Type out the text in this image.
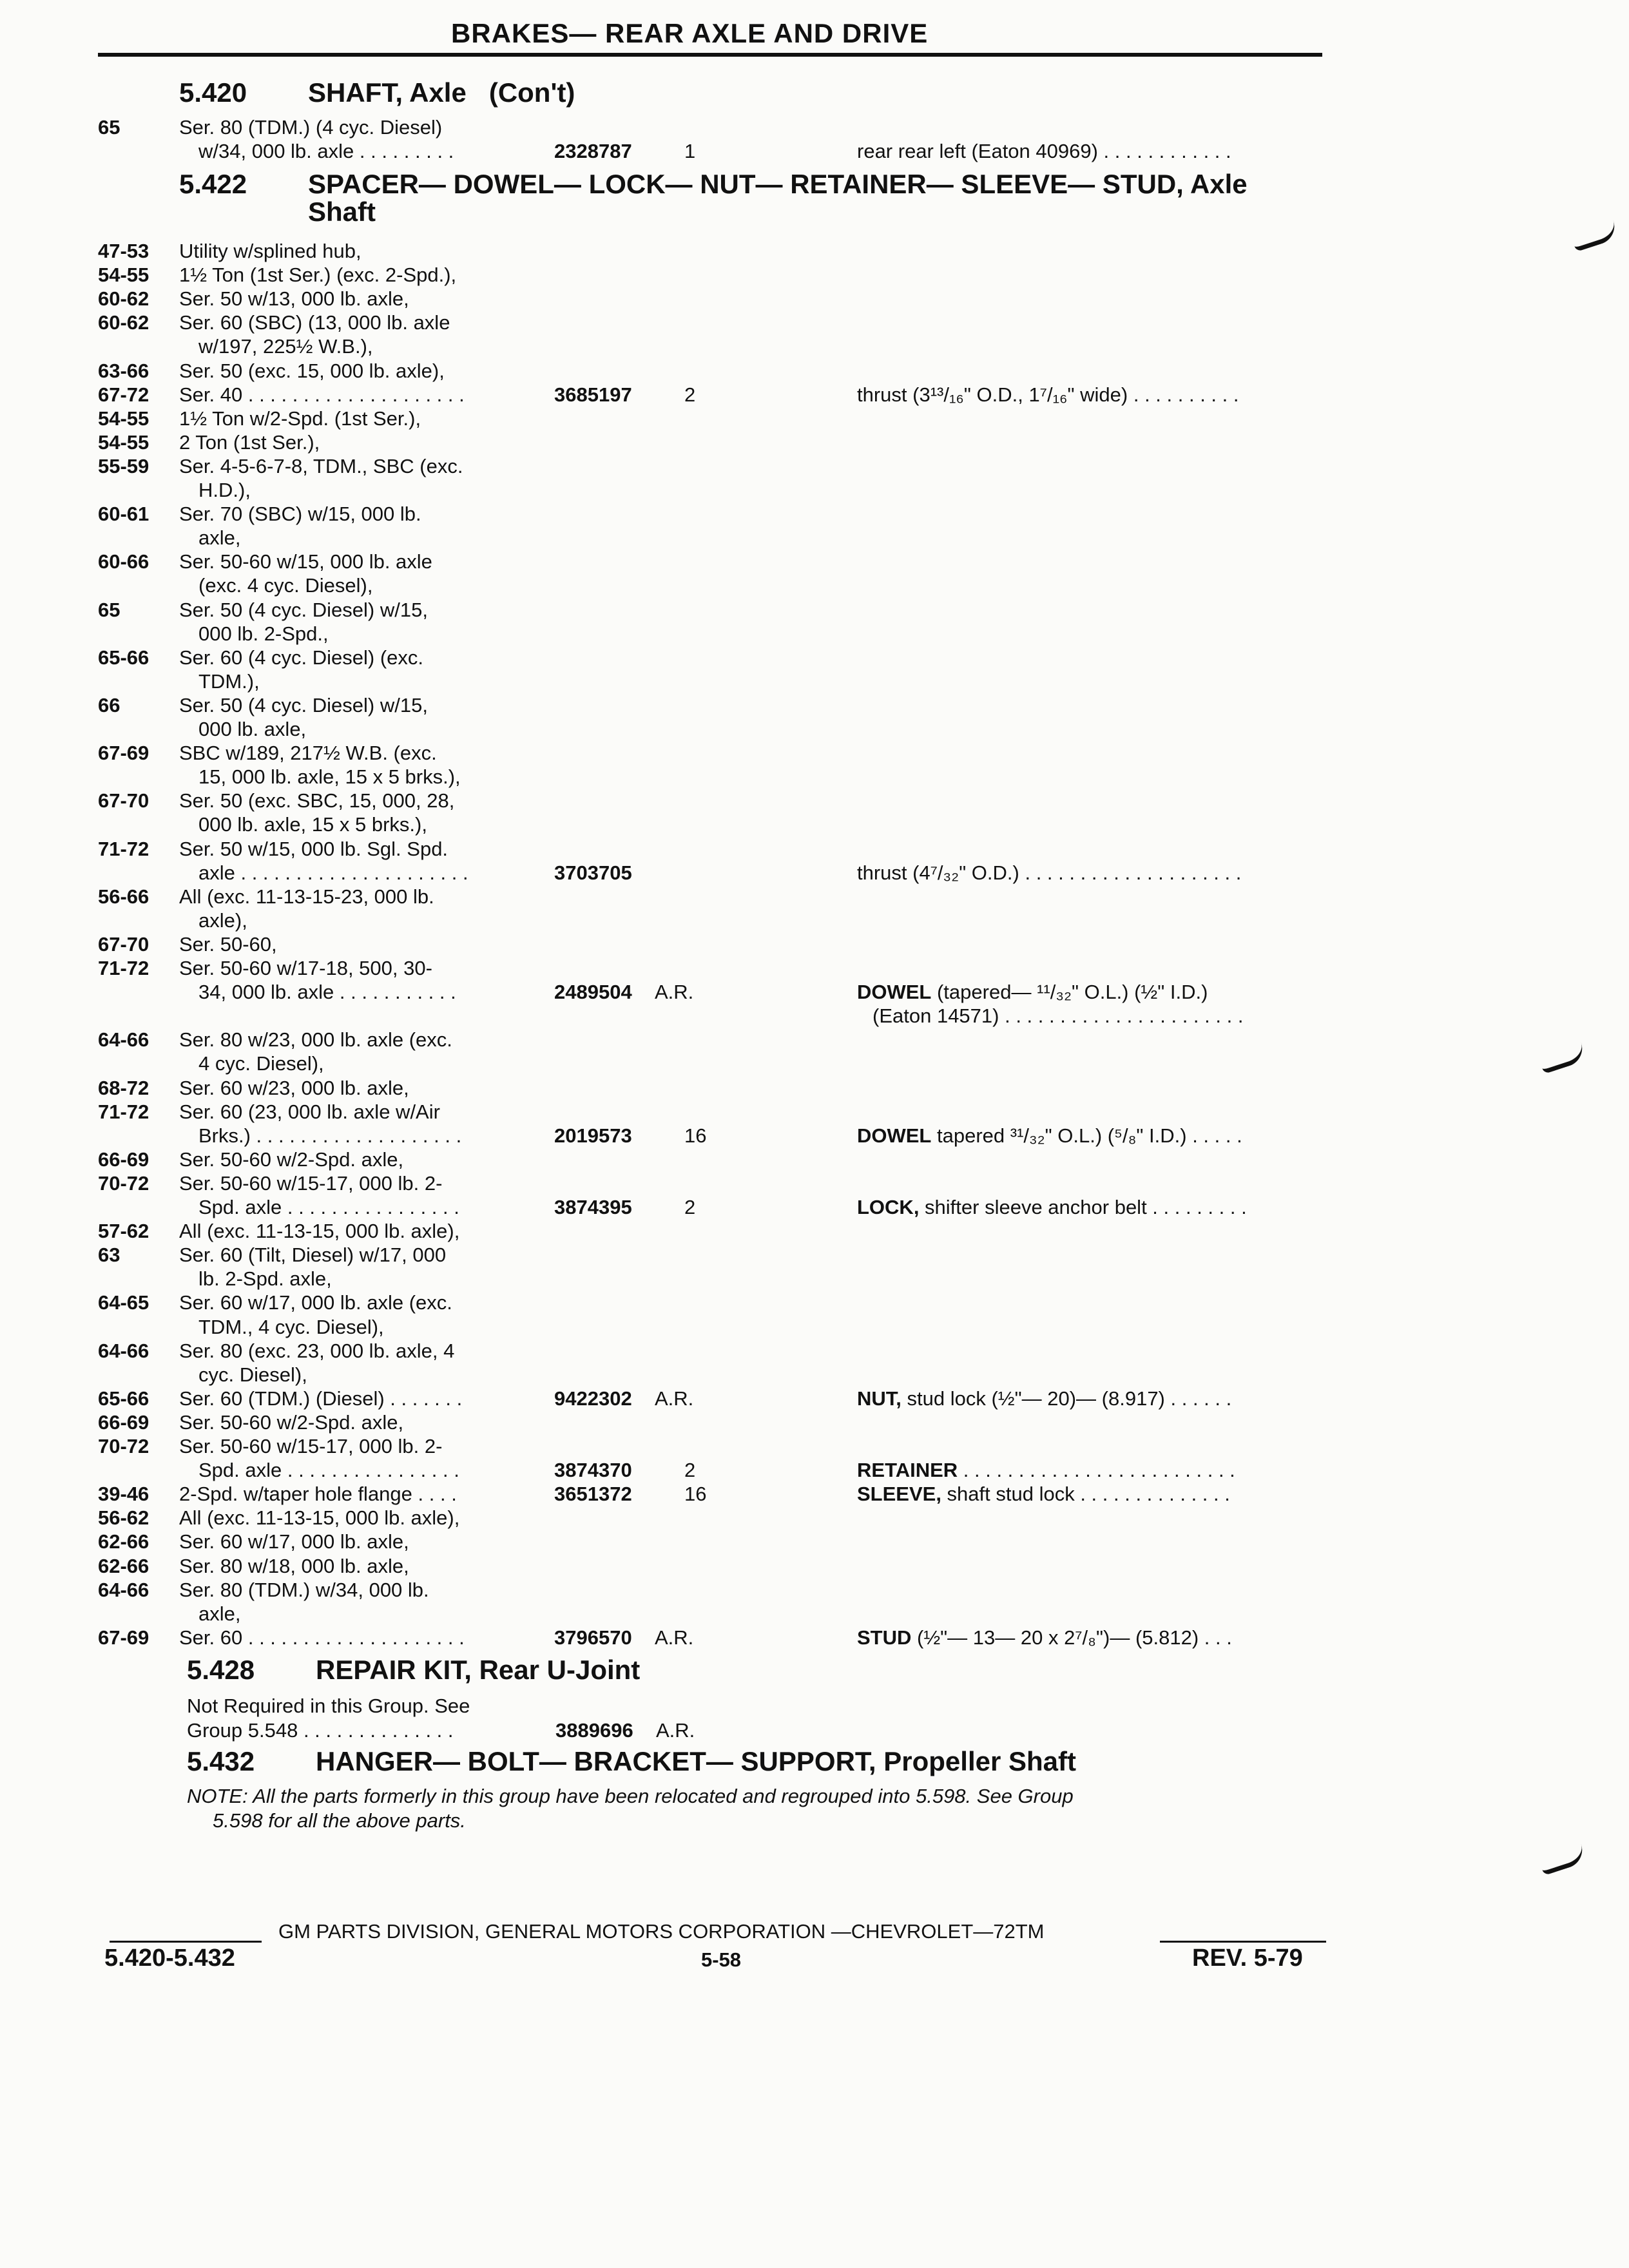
BRAKES— REAR AXLE AND DRIVE
5.420 SHAFT, Axle   (Con't)
5.422 SPACER— DOWEL— LOCK— NUT— RETAINER— SLEEVE— STUD, Axle
Shaft
65	Ser. 80 (TDM.) (4 cyc. Diesel)
w/34, 000 lb. axle . . . . . . . . .	2328787	1	rear rear left (Eaton 40969) . . . . . . . . . . . .
47-53 Utility w/splined hub,
54-55 1½ Ton (1st Ser.) (exc. 2-Spd.),
60-62 Ser. 50 w/13, 000 lb. axle,
60-62 Ser. 60 (SBC) (13, 000 lb. axle
w/197, 225½ W.B.),
63-66 Ser. 50 (exc. 15, 000 lb. axle),
67-72 Ser. 40 . . . . . . . . . . . . . . . . . . . .	3685197	2	thrust (3¹³/₁₆" O.D., 1⁷/₁₆" wide) . . . . . . . . . .
54-55 1½ Ton w/2-Spd. (1st Ser.),
54-55 2 Ton (1st Ser.),
55-59 Ser. 4-5-6-7-8, TDM., SBC (exc.
H.D.),
60-61 Ser. 70 (SBC) w/15, 000 lb.
axle,
60-66 Ser. 50-60 w/15, 000 lb. axle
(exc. 4 cyc. Diesel),
65	Ser. 50 (4 cyc. Diesel) w/15,
000 lb. 2-Spd.,
65-66 Ser. 60 (4 cyc. Diesel) (exc.
TDM.),
66	Ser. 50 (4 cyc. Diesel) w/15,
000 lb. axle,
67-69 SBC w/189, 217½ W.B. (exc.
15, 000 lb. axle, 15 x 5 brks.),
67-70 Ser. 50 (exc. SBC, 15, 000, 28,
000 lb. axle, 15 x 5 brks.),
71-72 Ser. 50 w/15, 000 lb. Sgl. Spd.
axle . . . . . . . . . . . . . . . . . . . . .	3703705	thrust (4⁷/₃₂" O.D.) . . . . . . . . . . . . . . . . . . . .
56-66 All (exc. 11-13-15-23, 000 lb.
axle),
67-70 Ser. 50-60,
71-72 Ser. 50-60 w/17-18, 500, 30-
34, 000 lb. axle . . . . . . . . . . .	2489504 A.R.	DOWEL (tapered— ¹¹/₃₂" O.L.) (½" I.D.)
(Eaton 14571) . . . . . . . . . . . . . . . . . . . . . .
64-66 Ser. 80 w/23, 000 lb. axle (exc.
4 cyc. Diesel),
68-72 Ser. 60 w/23, 000 lb. axle,
71-72 Ser. 60 (23, 000 lb. axle w/Air
Brks.) . . . . . . . . . . . . . . . . . . .	2019573	16	DOWEL tapered ³¹/₃₂" O.L.) (⁵/₈" I.D.) . . . . .
66-69 Ser. 50-60 w/2-Spd. axle,
70-72 Ser. 50-60 w/15-17, 000 lb. 2-
Spd. axle . . . . . . . . . . . . . . . .	3874395	2	LOCK, shifter sleeve anchor belt . . . . . . . . .
57-62 All (exc. 11-13-15, 000 lb. axle),
63	Ser. 60 (Tilt, Diesel) w/17, 000
lb. 2-Spd. axle,
64-65 Ser. 60 w/17, 000 lb. axle (exc.
TDM., 4 cyc. Diesel),
64-66 Ser. 80 (exc. 23, 000 lb. axle, 4
cyc. Diesel),
65-66 Ser. 60 (TDM.) (Diesel) . . . . . . .	9422302 A.R.	NUT, stud lock (½"— 20)— (8.917) . . . . . .
66-69 Ser. 50-60 w/2-Spd. axle,
70-72 Ser. 50-60 w/15-17, 000 lb. 2-
Spd. axle . . . . . . . . . . . . . . . .	3874370	2	RETAINER . . . . . . . . . . . . . . . . . . . . . . . . .
39-46 2-Spd. w/taper hole flange . . . .	3651372	16	SLEEVE, shaft stud lock . . . . . . . . . . . . . .
56-62 All (exc. 11-13-15, 000 lb. axle),
62-66 Ser. 60 w/17, 000 lb. axle,
62-66 Ser. 80 w/18, 000 lb. axle,
64-66 Ser. 80 (TDM.) w/34, 000 lb.
axle,
67-69 Ser. 60 . . . . . . . . . . . . . . . . . . . .	3796570 A.R.	STUD (½"— 13— 20 x 2⁷/₈")— (5.812) . . .
5.428 REPAIR KIT, Rear U-Joint
Not Required in this Group. See
Group 5.548 . . . . . . . . . . . . . .	3889696 A.R.
5.432 HANGER— BOLT— BRACKET— SUPPORT, Propeller Shaft
NOTE: All the parts formerly in this group have been relocated and regrouped into 5.598. See Group
5.598 for all the above parts.
GM PARTS DIVISION, GENERAL MOTORS CORPORATION —CHEVROLET—72TM
5.420-5.432	5-58	REV. 5-79
